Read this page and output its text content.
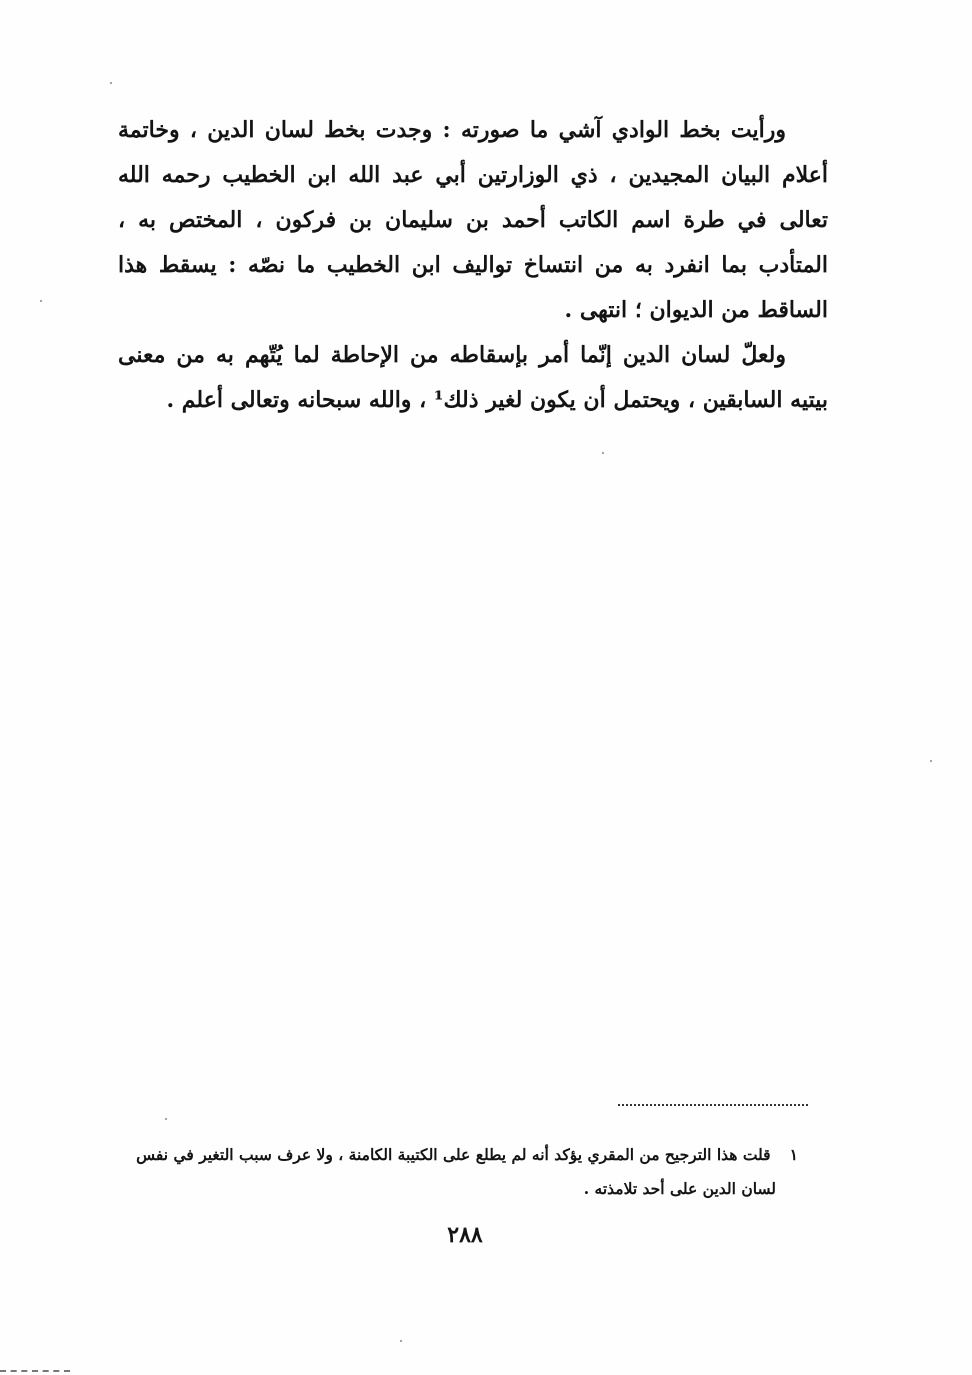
ورأيت بخط الوادي آشي ما صورته : وجدت بخط لسان الدين ، وخاتمة أعلام البيان المجيدين ، ذي الوزارتين أبي عبد الله ابن الخطيب رحمه الله تعالى في طرة اسم الكاتب أحمد بن سليمان بن فركون ، المختص به ، المتأدب بما انفرد به من انتساخ تواليف ابن الخطيب ما نصّه : يسقط هذا الساقط من الديوان ؛ انتهى .

ولعلّ لسان الدين إنّما أمر بإسقاطه من الإحاطة لما يُتّهم به من معنى بيتيه السابقين ، ويحتمل أن يكون لغير ذلك¹ ، والله سبحانه وتعالى أعلم .

١ قلت هذا الترجيح من المقري يؤكد أنه لم يطلع على الكتيبة الكامنة ، ولا عرف سبب التغير في نفس
لسان الدين على أحد تلامذته .
٢٨٨
